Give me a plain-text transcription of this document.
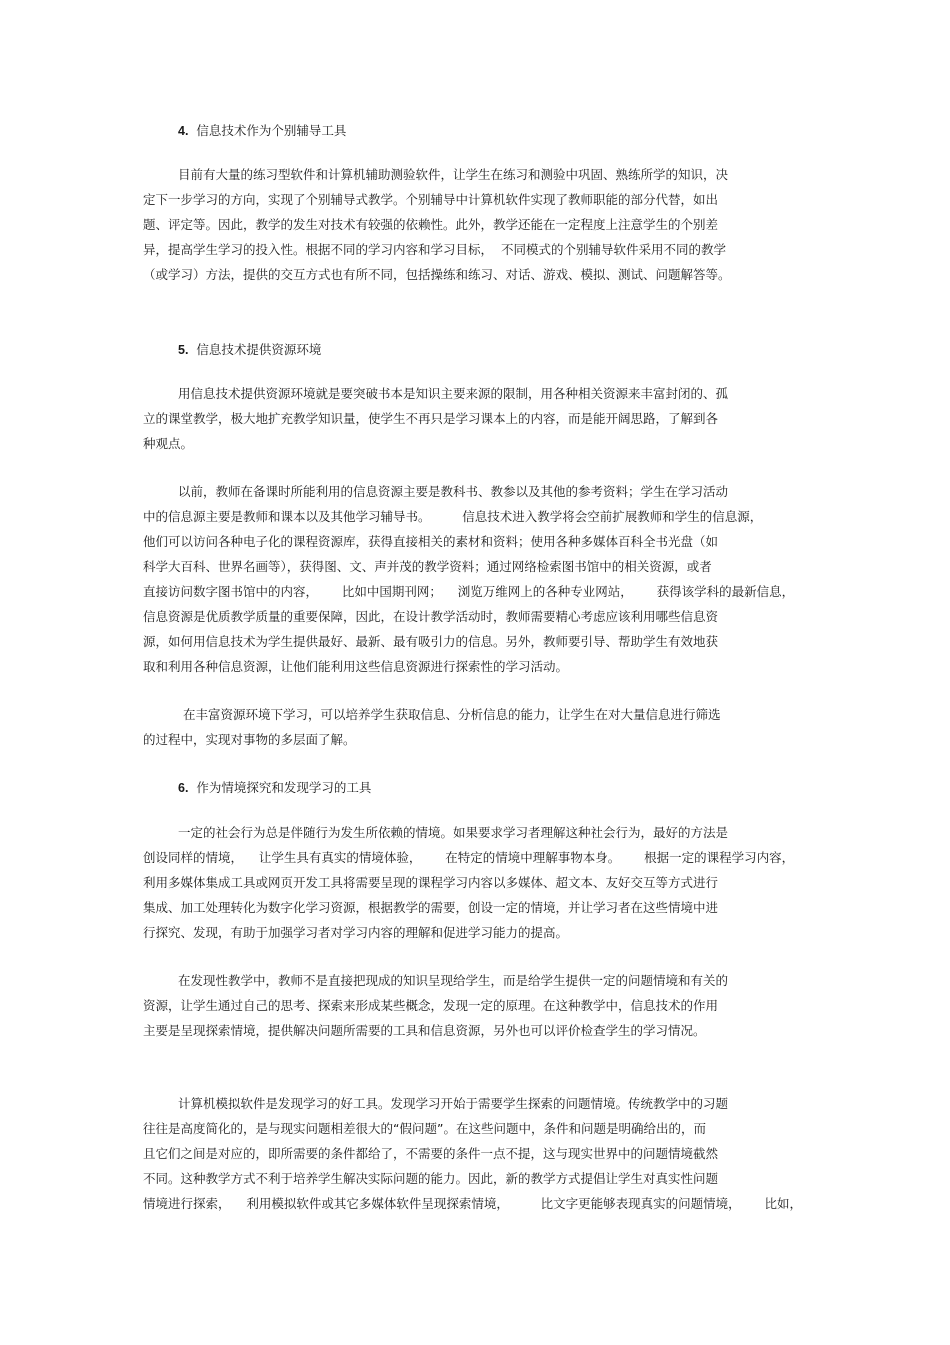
4. 信息技术作为个别辅导工具
目前有大量的练习型软件和计算机辅助测验软件，让学生在练习和测验中巩固、熟练所学的知识，决
定下一步学习的方向，实现了个别辅导式教学。个别辅导中计算机软件实现了教师职能的部分代替，如出
题、评定等。因此，教学的发生对技术有较强的依赖性。此外，教学还能在一定程度上注意学生的个别差
异，提高学生学习的投入性。根据不同的学习内容和学习目标，  不同模式的个别辅导软件采用不同的教学
（或学习）方法，提供的交互方式也有所不同，包括操练和练习、对话、游戏、模拟、测试、问题解答等。
5. 信息技术提供资源环境
用信息技术提供资源环境就是要突破书本是知识主要来源的限制，用各种相关资源来丰富封闭的、孤
立的课堂教学，极大地扩充教学知识量，使学生不再只是学习课本上的内容，而是能开阔思路，了解到各
种观点。
以前，教师在备课时所能利用的信息资源主要是教科书、教参以及其他的参考资料；学生在学习活动
中的信息源主要是教师和课本以及其他学习辅导书。        信息技术进入教学将会空前扩展教师和学生的信息源，
他们可以访问各种电子化的课程资源库，获得直接相关的素材和资料；使用各种多媒体百科全书光盘（如
科学大百科、世界名画等），获得图、文、声并茂的教学资料；通过网络检索图书馆中的相关资源，或者
直接访问数字图书馆中的内容，      比如中国期刊网；    浏览万维网上的各种专业网站，      获得该学科的最新信息，
信息资源是优质教学质量的重要保障，因此，在设计教学活动时，教师需要精心考虑应该利用哪些信息资
源，如何用信息技术为学生提供最好、最新、最有吸引力的信息。另外，教师要引导、帮助学生有效地获
取和利用各种信息资源，让他们能利用这些信息资源进行探索性的学习活动。
在丰富资源环境下学习，可以培养学生获取信息、分析信息的能力，让学生在对大量信息进行筛选
的过程中，实现对事物的多层面了解。
6. 作为情境探究和发现学习的工具
一定的社会行为总是伴随行为发生所依赖的情境。如果要求学习者理解这种社会行为，最好的方法是
创设同样的情境，    让学生具有真实的情境体验，      在特定的情境中理解事物本身。      根据一定的课程学习内容，
利用多媒体集成工具或网页开发工具将需要呈现的课程学习内容以多媒体、超文本、友好交互等方式进行
集成、加工处理转化为数字化学习资源，根据教学的需要，创设一定的情境，并让学习者在这些情境中进
行探究、发现，有助于加强学习者对学习内容的理解和促进学习能力的提高。
在发现性教学中，教师不是直接把现成的知识呈现给学生，而是给学生提供一定的问题情境和有关的
资源，让学生通过自己的思考、探索来形成某些概念，发现一定的原理。在这种教学中，信息技术的作用
主要是呈现探索情境，提供解决问题所需要的工具和信息资源，另外也可以评价检查学生的学习情况。
计算机模拟软件是发现学习的好工具。发现学习开始于需要学生探索的问题情境。传统教学中的习题
往往是高度简化的，是与现实问题相差很大的“假问题”。在这些问题中，条件和问题是明确给出的，而
且它们之间是对应的，即所需要的条件都给了，不需要的条件一点不提，这与现实世界中的问题情境截然
不同。这种教学方式不利于培养学生解决实际问题的能力。因此，新的教学方式提倡让学生对真实性问题
情境进行探索，    利用模拟软件或其它多媒体软件呈现探索情境，        比文字更能够表现真实的问题情境，      比如，
